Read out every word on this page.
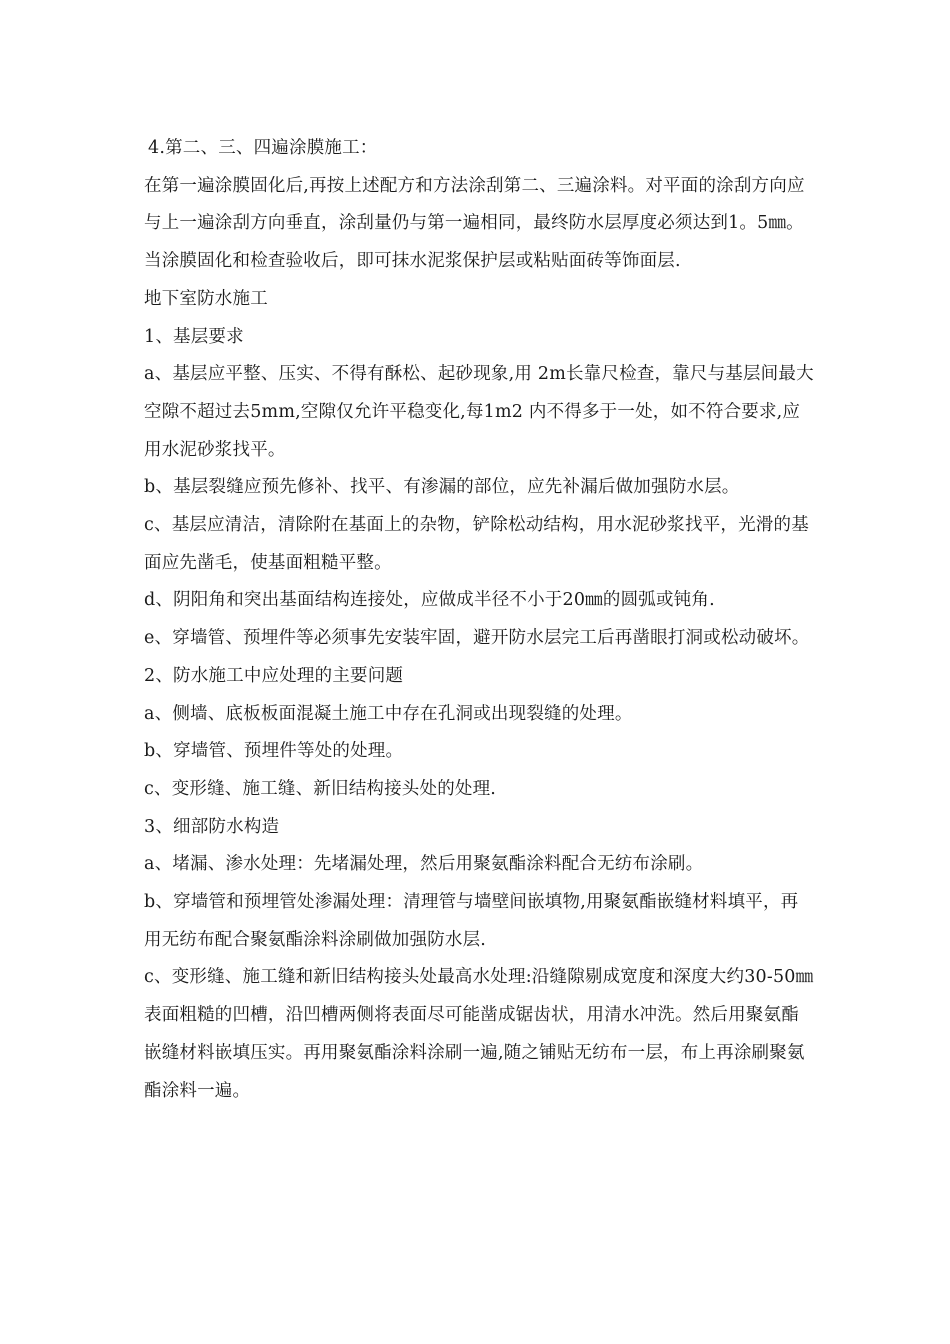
4.第二、三、四遍涂膜施工：

在第一遍涂膜固化后,再按上述配方和方法涂刮第二、三遍涂料。对平面的涂刮方向应与上一遍涂刮方向垂直，涂刮量仍与第一遍相同，最终防水层厚度必须达到1。5㎜。当涂膜固化和检查验收后，即可抹水泥浆保护层或粘贴面砖等饰面层.

地下室防水施工

1、基层要求

a、基层应平整、压实、不得有酥松、起砂现象,用 2m长靠尺检查，靠尺与基层间最大空隙不超过去5mm,空隙仅允许平稳变化,每1m2 内不得多于一处，如不符合要求,应用水泥砂浆找平。

b、基层裂缝应预先修补、找平、有渗漏的部位，应先补漏后做加强防水层。

c、基层应清洁，清除附在基面上的杂物，铲除松动结构，用水泥砂浆找平，光滑的基面应先凿毛，使基面粗糙平整。

d、阴阳角和突出基面结构连接处，应做成半径不小于20㎜的圆弧或钝角.

e、穿墙管、预埋件等必须事先安装牢固，避开防水层完工后再凿眼打洞或松动破坏。

2、防水施工中应处理的主要问题

a、侧墙、底板板面混凝土施工中存在孔洞或出现裂缝的处理。

b、穿墙管、预埋件等处的处理。

c、变形缝、施工缝、新旧结构接头处的处理.

3、细部防水构造

a、堵漏、渗水处理：先堵漏处理，然后用聚氨酯涂料配合无纺布涂刷。

b、穿墙管和预埋管处渗漏处理：清理管与墙壁间嵌填物,用聚氨酯嵌缝材料填平，再用无纺布配合聚氨酯涂料涂刷做加强防水层.

c、变形缝、施工缝和新旧结构接头处最高水处理:沿缝隙剔成宽度和深度大约30-50㎜表面粗糙的凹槽，沿凹槽两侧将表面尽可能凿成锯齿状，用清水冲洗。然后用聚氨酯嵌缝材料嵌填压实。再用聚氨酯涂料涂刷一遍,随之铺贴无纺布一层，布上再涂刷聚氨酯涂料一遍。
